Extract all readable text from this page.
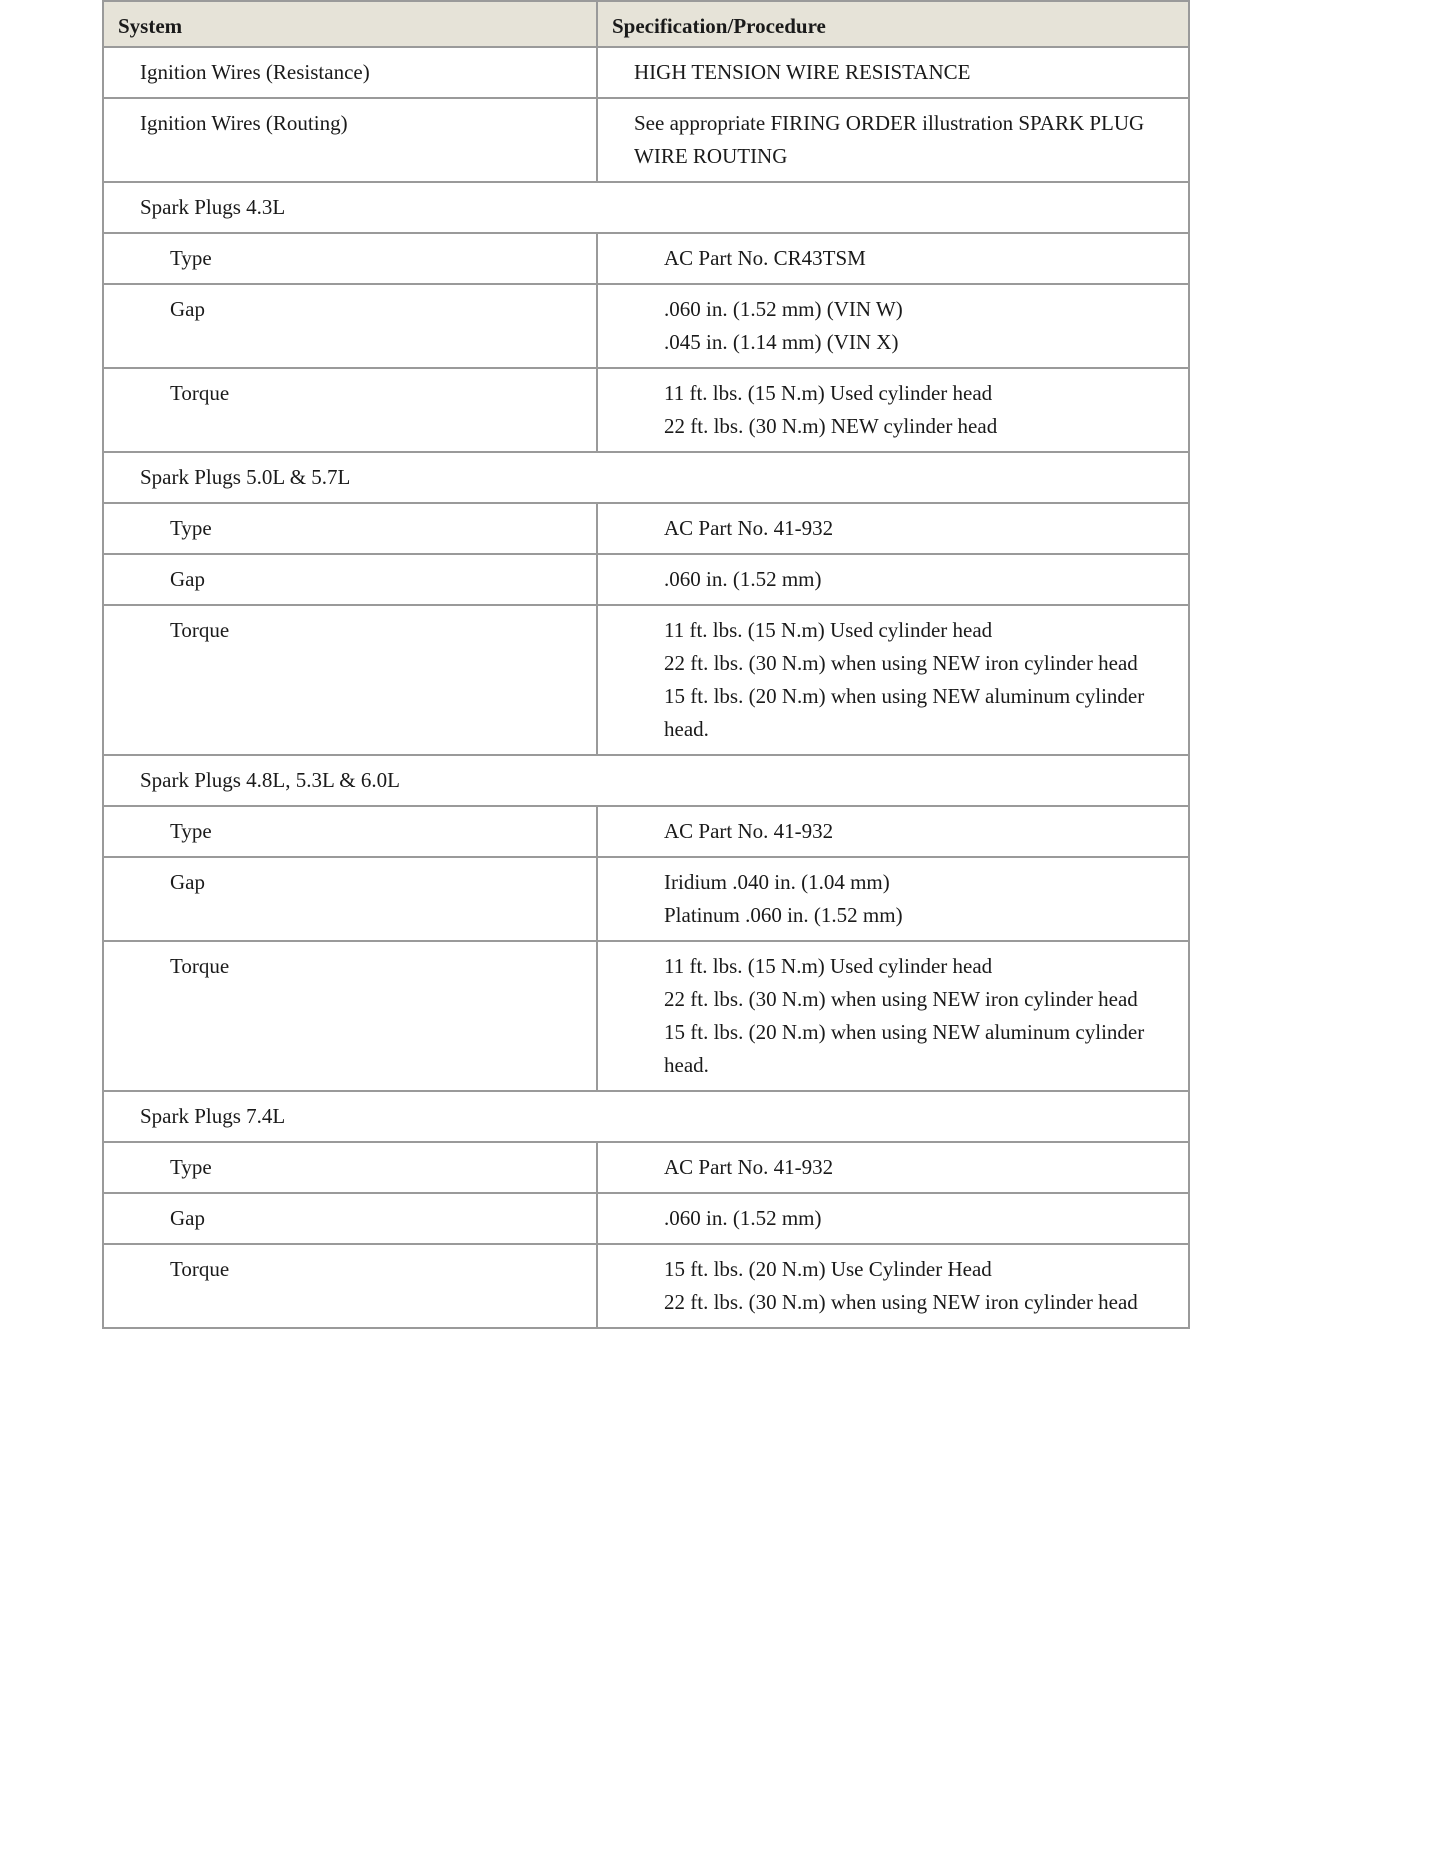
System	Specification/Procedure
Ignition Wires (Resistance)	HIGH TENSION WIRE RESISTANCE

Ignition Wires (Routing)	See appropriate FIRING ORDER illustration SPARK PLUG WIRE ROUTING

Spark Plugs 4.3L	
Type	AC Part No. CR43TSM

Gap	.060 in. (1.52 mm) (VIN W)
.045 in. (1.14 mm) (VIN X)

Torque	11 ft. lbs. (15 N.m) Used cylinder head
22 ft. lbs. (30 N.m) NEW cylinder head

Spark Plugs 5.0L & 5.7L	
Type	AC Part No. 41-932

Gap	.060 in. (1.52 mm)

Torque	11 ft. lbs. (15 N.m) Used cylinder head
22 ft. lbs. (30 N.m) when using NEW iron cylinder head
15 ft. lbs. (20 N.m) when using NEW aluminum cylinder head.

Spark Plugs 4.8L, 5.3L & 6.0L	
Type	AC Part No. 41-932

Gap	Iridium .040 in. (1.04 mm)
Platinum .060 in. (1.52 mm)

Torque	11 ft. lbs. (15 N.m) Used cylinder head
22 ft. lbs. (30 N.m) when using NEW iron cylinder head
15 ft. lbs. (20 N.m) when using NEW aluminum cylinder head.

Spark Plugs 7.4L	
Type	AC Part No. 41-932

Gap	.060 in. (1.52 mm)

Torque	15 ft. lbs. (20 N.m) Use Cylinder Head
22 ft. lbs. (30 N.m) when using NEW iron cylinder head
